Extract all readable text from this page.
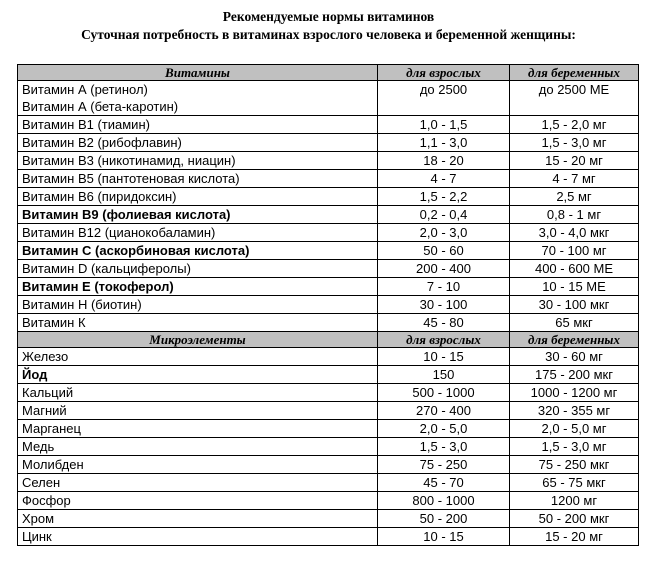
Рекомендуемые нормы витаминов
Суточная потребность в витаминах взрослого человека и беременной женщины:
Витамины	для взрослых	для беременных

Витамин А (ретинол)
Витамин А (бета-каротин)	до 2500	до 2500 МЕ

Витамин В1 (тиамин)	1,0 - 1,5	1,5 - 2,0 мг

Витамин В2 (рибофлавин)	1,1 - 3,0	1,5 - 3,0 мг

Витамин В3 (никотинамид, ниацин)	18 - 20	15 - 20 мг

Витамин В5 (пантотеновая кислота)	4 - 7	4 - 7 мг

Витамин В6 (пиридоксин)	1,5 - 2,2	2,5 мг

Витамин В9 (фолиевая кислота)	0,2 - 0,4	0,8 - 1 мг

Витамин В12 (цианокобаламин)	2,0 - 3,0	3,0 - 4,0 мкг

Витамин С (аскорбиновая кислота)	50 - 60	70 - 100 мг

Витамин D (кальциферолы)	200 - 400	400 - 600 МЕ

Витамин Е (токоферол)	7 - 10	10 - 15 МЕ

Витамин Н (биотин)	30 - 100	30 - 100 мкг

Витамин К	45 - 80	65 мкг
Микроэлементы	для взрослых	для беременных

Железо	10 - 15	30 - 60 мг

Йод	150	175 - 200 мкг

Кальций	500 - 1000	1000 - 1200 мг

Магний	270 - 400	320 - 355 мг

Марганец	2,0 - 5,0	2,0 - 5,0 мг

Медь	1,5 - 3,0	1,5 - 3,0 мг

Молибден	75 - 250	75 - 250 мкг

Селен	45 - 70	65 - 75 мкг

Фосфор	800 - 1000	1200 мг

Хром	50 - 200	50 - 200 мкг

Цинк	10 - 15	15 - 20 мг
